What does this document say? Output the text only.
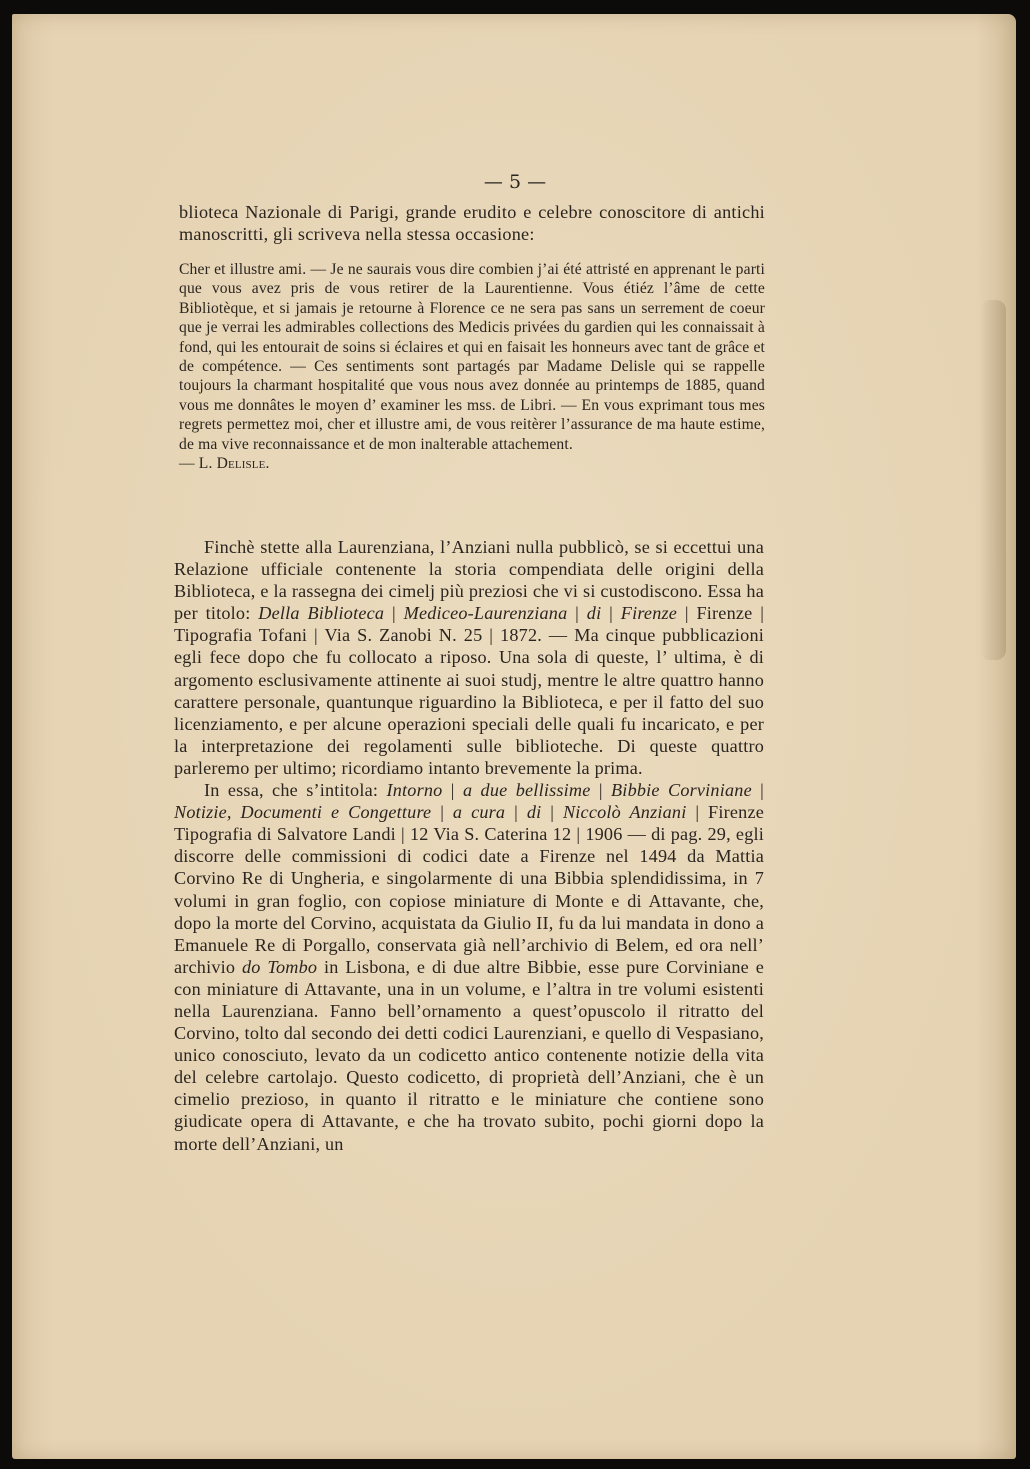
— 5 —

blioteca Nazionale di Parigi, grande erudito e celebre conoscitore di antichi manoscritti, gli scriveva nella stessa occasione:

Cher et illustre ami. — Je ne saurais vous dire combien j’ai été attristé en apprenant le parti que vous avez pris de vous retirer de la Laurentienne. Vous étiéz l’âme de cette Bibliotèque, et si jamais je retourne à Florence ce ne sera pas sans un serrement de coeur que je verrai les admirables collections des Medicis privées du gardien qui les connaissait à fond, qui les entourait de soins si éclaires et qui en faisait les honneurs avec tant de grâce et de compétence. — Ces sentiments sont partagés par Madame Delisle qui se rappelle toujours la charmant hospitalité que vous nous avez donnée au printemps de 1885, quand vous me donnâtes le moyen d’ examiner les mss. de Libri. — En vous exprimant tous mes regrets permettez moi, cher et illustre ami, de vous reitèrer l’assurance de ma haute estime, de ma vive reconnaissance et de mon inalterable attachement.
— L. Delisle.

Finchè stette alla Laurenziana, l’Anziani nulla pubblicò, se si eccettui una Relazione ufficiale contenente la storia compendiata delle origini della Biblioteca, e la rassegna dei cimelj più preziosi che vi si custodiscono. Essa ha per titolo: Della Biblioteca | Mediceo-Laurenziana | di | Firenze | Firenze | Tipografia Tofani | Via S. Zanobi N. 25 | 1872. — Ma cinque pubblicazioni egli fece dopo che fu collocato a riposo. Una sola di queste, l’ ultima, è di argomento esclusivamente attinente ai suoi studj, mentre le altre quattro hanno carattere personale, quantunque riguardino la Biblioteca, e per il fatto del suo licenziamento, e per alcune operazioni speciali delle quali fu incaricato, e per la interpretazione dei regolamenti sulle biblioteche. Di queste quattro parleremo per ultimo; ricordiamo intanto brevemente la prima.

In essa, che s’intitola: Intorno | a due bellissime | Bibbie Corviniane | Notizie, Documenti e Congetture | a cura | di | Niccolò Anziani | Firenze Tipografia di Salvatore Landi | 12 Via S. Caterina 12 | 1906 — di pag. 29, egli discorre delle commissioni di codici date a Firenze nel 1494 da Mattia Corvino Re di Ungheria, e singolarmente di una Bibbia splendidissima, in 7 volumi in gran foglio, con copiose miniature di Monte e di Attavante, che, dopo la morte del Corvino, acquistata da Giulio II, fu da lui mandata in dono a Emanuele Re di Porgallo, conservata già nell’archivio di Belem, ed ora nell’ archivio do Tombo in Lisbona, e di due altre Bibbie, esse pure Corviniane e con miniature di Attavante, una in un volume, e l’altra in tre volumi esistenti nella Laurenziana. Fanno bell’ornamento a quest’opuscolo il ritratto del Corvino, tolto dal secondo dei detti codici Laurenziani, e quello di Vespasiano, unico conosciuto, levato da un codicetto antico contenente notizie della vita del celebre cartolajo. Questo codicetto, di proprietà dell’Anziani, che è un cimelio prezioso, in quanto il ritratto e le miniature che contiene sono giudicate opera di Attavante, e che ha trovato subito, pochi giorni dopo la morte dell’Anziani, un
